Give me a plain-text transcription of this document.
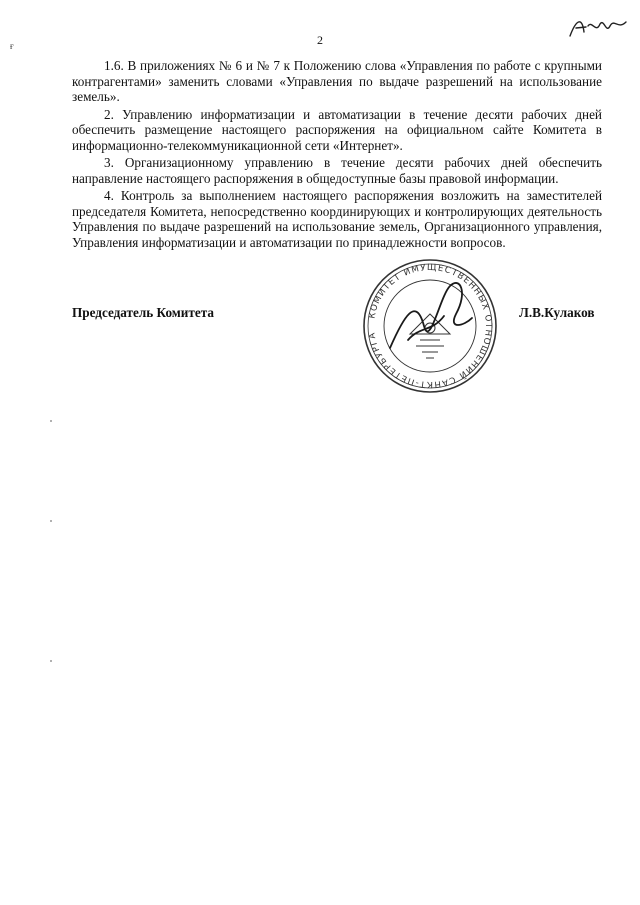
ғ	2

1.6. В приложениях № 6 и № 7 к Положению слова «Управления по работе с крупными контрагентами» заменить словами «Управления по выдаче разрешений на использование земель».

2. Управлению информатизации и автоматизации в течение десяти рабочих дней обеспечить размещение настоящего распоряжения на официальном сайте Комитета в информационно-телекоммуникационной сети «Интернет».

3. Организационному управлению в течение десяти рабочих дней обеспечить направление настоящего распоряжения в общедоступные базы правовой информации.

4. Контроль за выполнением настоящего распоряжения возложить на заместителей председателя Комитета, непосредственно координирующих и контролирующих деятельность Управления по выдаче разрешений на использование земель, Организационного управления, Управления информатизации и автоматизации по принадлежности вопросов.

Председатель Комитета	КОМИТЕТ ИМУЩЕСТВЕННЫХ ОТНОШЕНИЙ САНКТ-ПЕТЕРБУРГА
Л.В.Кулаков
